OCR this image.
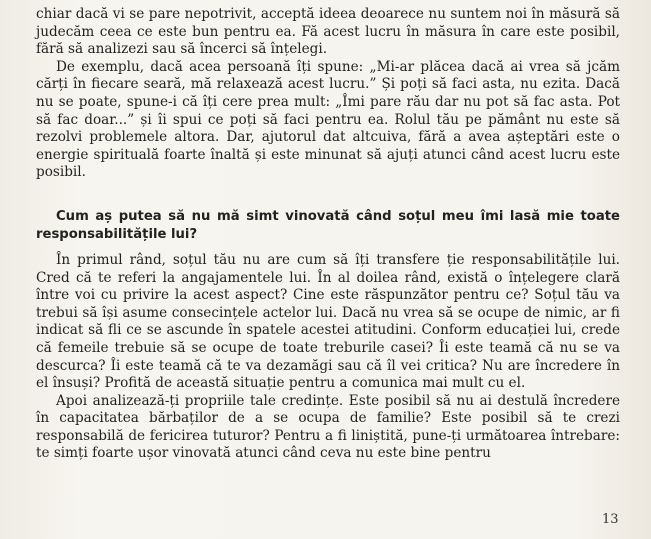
chiar dacă vi se pare nepotrivit, acceptă ideea deoarece nu suntem noi în măsură să judecăm ceea ce este bun pentru ea. Fă acest lucru în măsura în care este posibil, fără să analizezi sau să încerci să înțelegi.

De exemplu, dacă acea persoană îți spune: „Mi-ar plăcea dacă ai vrea să jcăm cărți în fiecare seară, mă relaxează acest lucru.” Și poți să faci asta, nu ezita. Dacă nu se poate, spune-i că îți cere prea mult: „Îmi pare rău dar nu pot să fac asta. Pot să fac doar...” și îi spui ce poți să faci pentru ea. Rolul tău pe pământ nu este să rezolvi problemele altora. Dar, ajutorul dat altcuiva, fără a avea așteptări este o energie spirituală foarte înaltă și este minunat să ajuți atunci când acest lucru este posibil.

Cum aș putea să nu mă simt vinovată când soțul meu îmi lasă mie toate responsabilitățile lui?

În primul rând, soțul tău nu are cum să îți transfere ție responsabilitățile lui. Cred că te referi la angajamentele lui. În al doilea rând, există o înțelegere clară între voi cu privire la acest aspect? Cine este răspunzător pentru ce? Soțul tău va trebui să își asume consecințele actelor lui. Dacă nu vrea să se ocupe de nimic, ar fi indicat să fli ce se ascunde în spatele acestei atitudini. Conform educației lui, crede că femeile trebuie să se ocupe de toate treburile casei? Îi este teamă că nu se va descurca? Îi este teamă că te va dezamăgi sau că îl vei critica? Nu are încredere în el însuși? Profită de această situație pentru a comunica mai mult cu el.

Apoi analizează-ți propriile tale credințe. Este posibil să nu ai destulă încredere în capacitatea bărbaților de a se ocupa de familie? Este posibil să te crezi responsabilă de fericirea tuturor? Pentru a fi liniștită, pune-ți următoarea întrebare: te simți foarte ușor vinovată atunci când ceva nu este bine pentru

13
